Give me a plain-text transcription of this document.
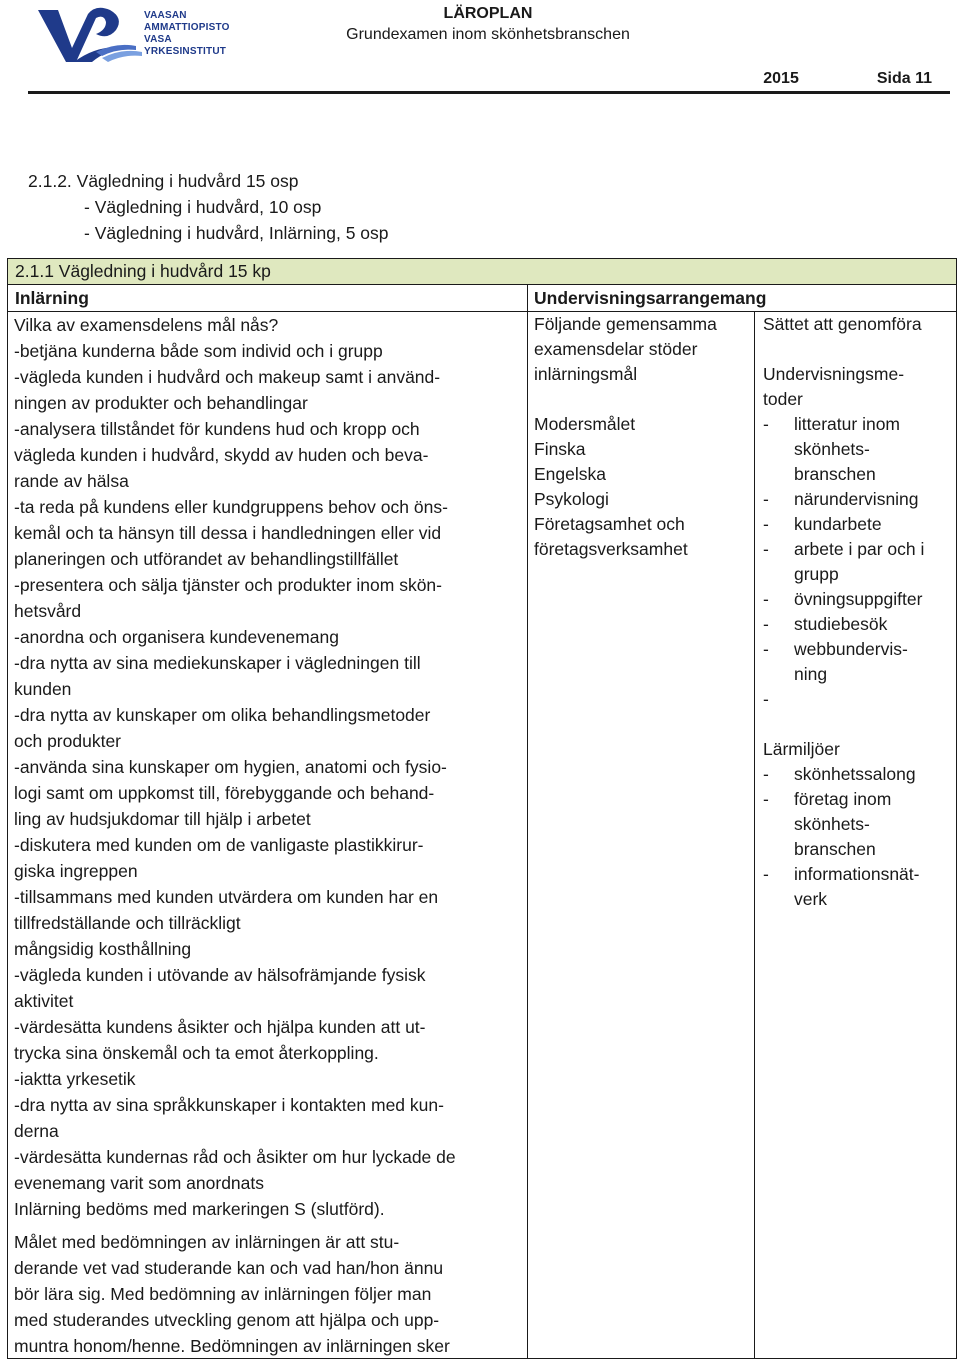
VAASAN AMMATTIOPISTO
VASA YRKESINSTITUT
LÄROPLAN
Grundexamen inom skönhetsbranschen
2015	Sida 11
2.1.2. Vägledning i hudvård 15 osp
- Vägledning i hudvård, 10 osp
- Vägledning i hudvård, Inlärning, 5 osp
2.1.1 Vägledning i hudvård 15 kp
Inlärning	Undervisningsarrangemang
Vilka av examensdelens mål nås?
-betjäna kunderna både som individ och i grupp
-vägleda kunden i hudvård och makeup samt i använd-
ningen av produkter och behandlingar
-analysera tillståndet för kundens hud och kropp och
vägleda kunden i hudvård, skydd av huden och beva-
rande av hälsa
-ta reda på kundens eller kundgruppens behov och öns-
kemål och ta hänsyn till dessa i handledningen eller vid
planeringen och utförandet av behandlingstillfället
-presentera och sälja tjänster och produkter inom skön-
hetsvård
-anordna och organisera kundevenemang
-dra nytta av sina mediekunskaper i vägledningen till
kunden
-dra nytta av kunskaper om olika behandlingsmetoder
och produkter
-använda sina kunskaper om hygien, anatomi och fysio-
logi samt om uppkomst till, förebyggande och behand-
ling av hudsjukdomar till hjälp i arbetet
-diskutera med kunden om de vanligaste plastikkirur-
giska ingreppen
-tillsammans med kunden utvärdera om kunden har en
tillfredställande och tillräckligt
mångsidig kosthållning
-vägleda kunden i utövande av hälsofrämjande fysisk
aktivitet
-värdesätta kundens åsikter och hjälpa kunden att ut-
trycka sina önskemål och ta emot återkoppling.
-iaktta yrkesetik
-dra nytta av sina språkkunskaper i kontakten med kun-
derna
-värdesätta kundernas råd och åsikter om hur lyckade de
evenemang varit som anordnats
Inlärning bedöms med markeringen S (slutförd).
Målet med bedömningen av inlärningen är att stu-
derande vet vad studerande kan och vad han/hon ännu
bör lära sig. Med bedömning av inlärningen följer man
med studerandes utveckling genom att hjälpa och upp-
muntra honom/henne. Bedömningen av inlärningen sker
Följande gemensamma
examensdelar stöder
inlärningsmål
Modersmålet
Finska
Engelska
Psykologi
Företagsamhet och
företagsverksamhet
Sättet att genomföra
Undervisningsme-
toder
- litteratur inom
skönhets-
branschen
- närundervisning
- kundarbete
- arbete i par och i
grupp
- övningsuppgifter
- studiebesök
- webbundervis-
ning
-

Lärmiljöer
- skönhetssalong
- företag inom
skönhets-
branschen
- informationsnät-
verk
